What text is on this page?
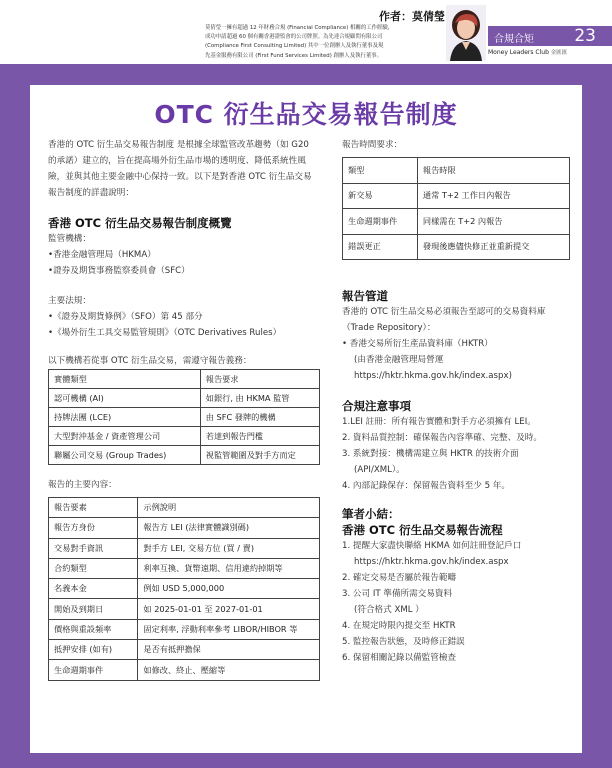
作者：莫倩瑩
莫倩瑩一擁有超過 12 年財務合規 (Financial Compliance) 相關的工作經驗，
成功申請超過 60 個有關香港證監會的公司牌照。為先達合規顧問有限公司
(Compliance First Consulting Limited) 其中一位創辦人及執行董事及現
先基金服務有限公司 (First Fund Services Limited) 創辦人及執行董事。
合規合矩 23
Money Leaders Club 金匯匯
OTC 衍生品交易報告制度
香港的 OTC 衍生品交易報告制度 是根據全球監管改革趨勢（如 G20 的承諾）建立的，旨在提高場外衍生品市場的透明度、降低系統性風險，並與其他主要金融中心保持一致。以下是對香港 OTC 衍生品交易報告制度的詳盡說明：
香港 OTC 衍生品交易報告制度概覽
監管機構：
•香港金融管理局（HKMA）
•證券及期貨事務監察委員會（SFC）
主要法規：
•《證券及期貨條例》（SFO）第 45 部分
•《場外衍生工具交易監管規則》（OTC Derivatives Rules）
以下機構若從事 OTC 衍生品交易，需遵守報告義務：
實體類型	報告要求
認可機構 (AI)	如銀行, 由 HKMA 監管
持牌法團 (LCE)	由 SFC 發牌的機構
大型對沖基金 / 資產管理公司	若達到報告門檻
聯屬公司交易 (Group Trades)	視監管範圍及對手方而定
報告的主要內容：
報告要素	示例說明
報告方身份	報告方 LEI (法律實體識別碼)
交易對手資訊	對手方 LEI, 交易方位 (買 / 賣)
合約類型	利率互換、貨幣遠期、信用違約掉期等
名義本金	例如 USD 5,000,000
開始及到期日	如 2025-01-01 至 2027-01-01
價格與重設頻率	固定利率, 浮動利率參考 LIBOR/HIBOR 等
抵押安排 (如有)	是否有抵押擔保
生命週期事件	如修改、終止、壓縮等
報告時間要求：
類型	報告時限
新交易	通常 T+2 工作日內報告
生命週期事件	同樣需在 T+2 內報告
錯誤更正	發現後應儘快修正並重新提交
報告管道
香港的 OTC 衍生品交易必須報告至認可的交易資料庫（Trade Repository）：
• 香港交易所衍生產品資料庫（HKTR）
(由香港金融管理局營運
https://hktr.hkma.gov.hk/index.aspx)
合規注意事項
1.LEI 註冊：所有報告實體和對手方必須擁有 LEI。
2. 資料品質控制：確保報告內容準確、完整、及時。
3. 系統對接：機構需建立與 HKTR 的技術介面
(API/XML）。
4. 內部記錄保存：保留報告資料至少 5 年。
筆者小結：
香港 OTC 衍生品交易報告流程
1. 提醒大家盡快聯絡 HKMA 如何註冊登記戶口
https://hktr.hkma.gov.hk/index.aspx
2. 確定交易是否屬於報告範疇
3. 公司 IT 準備所需交易資料
(符合格式 XML ）
4. 在規定時限內提交至 HKTR
5. 監控報告狀態，及時修正錯誤
6. 保留相關記錄以備監管檢查
